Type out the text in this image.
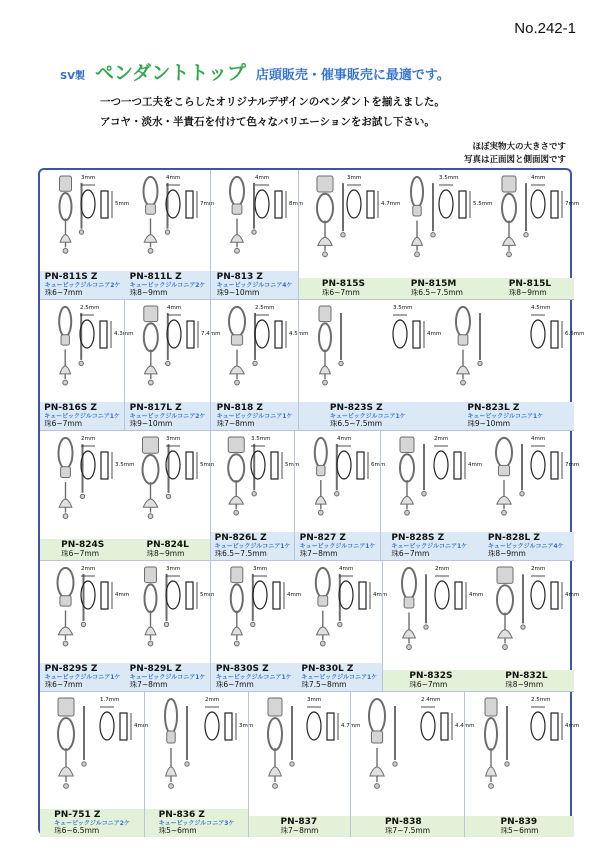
No.242-1
SV製 ペンダントトップ 店頭販売・催事販売に最適です。
一つ一つ工夫をこらしたオリジナルデザインのペンダントを揃えました。
アコヤ・淡水・半貴石を付けて色々なバリエーションをお試し下さい。
ほぼ実物大の大きさです
写真は正面図と側面図です
3mm
5mm
4mm
7mm
PN-811S Z
キュービックジルコニア2ケ
珠6~7mm
PN-811L Z
キュービックジルコニア2ケ
珠8~9mm
4mm
8mm
PN-813 Z
キュービックジルコニア4ケ
珠9~10mm
3mm
4.7mm
3.5mm
5.5mm
4mm
7mm
PN-815S
珠6~7mm
PN-815M
珠6.5~7.5mm
PN-815L
珠8~9mm
2.5mm
4.3mm
PN-816S Z
キュービックジルコニア1ケ
珠6~7mm
4mm
7.4mm
PN-817L Z
キュービックジルコニア2ケ
珠9~10mm
2.5mm
4.5mm
PN-818 Z
キュービックジルコニア1ケ
珠7~8mm
3.5mm
4mm
4.5mm
6.5mm
PN-823S Z
キュービックジルコニア1ケ
珠6.5~7.5mm
PN-823L Z
キュービックジルコニア1ケ
珠9~10mm
2mm
3.5mm
3mm
5mm
PN-824S
珠6~7mm
PN-824L
珠8~9mm
3.5mm
5mm
PN-826L Z
キュービックジルコニア1ケ
珠6.5~7.5mm
4mm
6mm
PN-827 Z
キュービックジルコニア1ケ
珠7~8mm
2mm
4mm
4mm
7mm
PN-828S Z
キュービックジルコニア1ケ
珠6~7mm
PN-828L Z
キュービックジルコニア4ケ
珠8~9mm
2mm
4mm
3mm
5mm
PN-829S Z
キュービックジルコニア1ケ
珠6~7mm
PN-829L Z
キュービックジルコニア1ケ
珠7~8mm
3mm
4mm
4mm
4mm
PN-830S Z
キュービックジルコニア1ケ
珠6~7mm
PN-830L Z
キュービックジルコニア1ケ
珠7.5~8mm
2mm
4mm
2mm
4mm
PN-832S
珠6~7mm
PN-832L
珠8~9mm
1.7mm
4mm
PN-751 Z
キュービックジルコニア2ケ
珠6~6.5mm
2mm
3mm
PN-836 Z
キュービックジルコニア3ケ
珠5~6mm
3mm
4.7mm
PN-837
珠7~8mm
2.4mm
4.4mm
PN-838
珠7~7.5mm
2.5mm
4mm
PN-839
珠5~6mm
